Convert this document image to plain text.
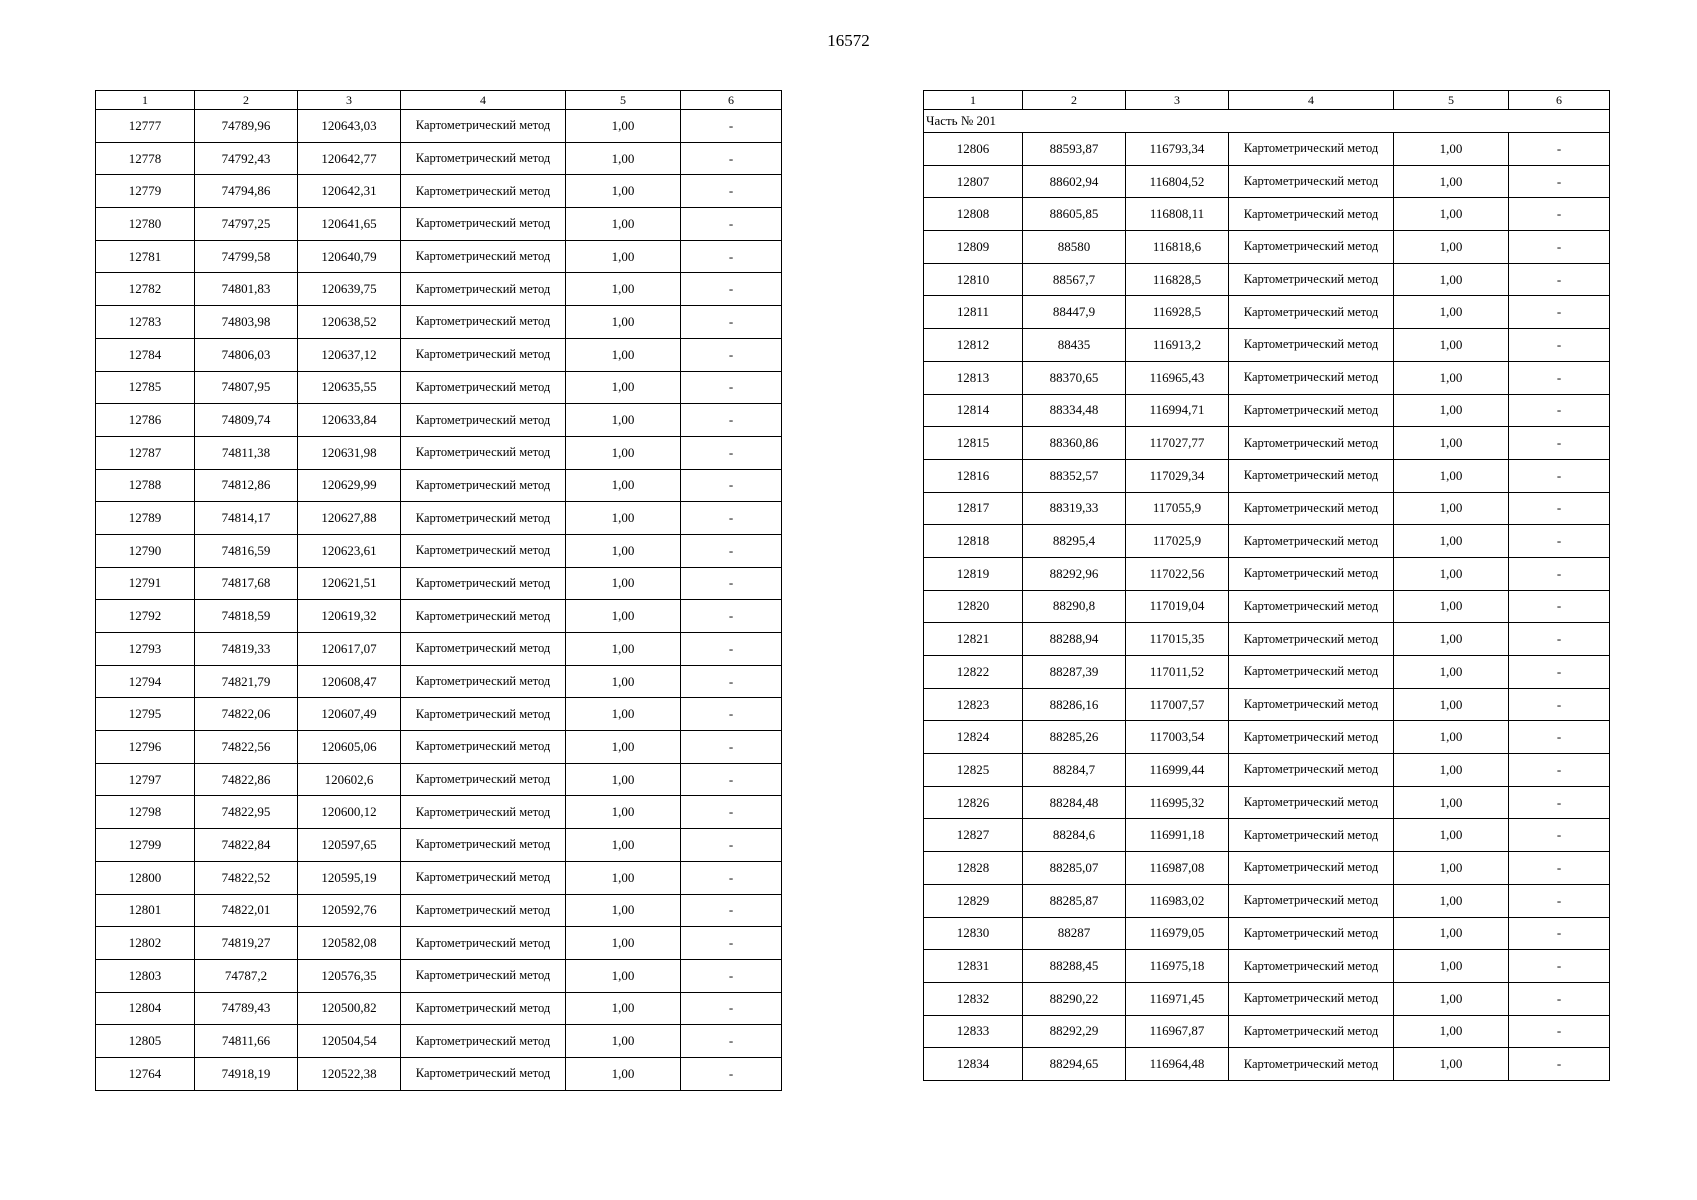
16572
1	2	3	4	5	6
12777	74789,96	120643,03	Картометрический метод	1,00	-
12778	74792,43	120642,77	Картометрический метод	1,00	-
12779	74794,86	120642,31	Картометрический метод	1,00	-
12780	74797,25	120641,65	Картометрический метод	1,00	-
12781	74799,58	120640,79	Картометрический метод	1,00	-
12782	74801,83	120639,75	Картометрический метод	1,00	-
12783	74803,98	120638,52	Картометрический метод	1,00	-
12784	74806,03	120637,12	Картометрический метод	1,00	-
12785	74807,95	120635,55	Картометрический метод	1,00	-
12786	74809,74	120633,84	Картометрический метод	1,00	-
12787	74811,38	120631,98	Картометрический метод	1,00	-
12788	74812,86	120629,99	Картометрический метод	1,00	-
12789	74814,17	120627,88	Картометрический метод	1,00	-
12790	74816,59	120623,61	Картометрический метод	1,00	-
12791	74817,68	120621,51	Картометрический метод	1,00	-
12792	74818,59	120619,32	Картометрический метод	1,00	-
12793	74819,33	120617,07	Картометрический метод	1,00	-
12794	74821,79	120608,47	Картометрический метод	1,00	-
12795	74822,06	120607,49	Картометрический метод	1,00	-
12796	74822,56	120605,06	Картометрический метод	1,00	-
12797	74822,86	120602,6	Картометрический метод	1,00	-
12798	74822,95	120600,12	Картометрический метод	1,00	-
12799	74822,84	120597,65	Картометрический метод	1,00	-
12800	74822,52	120595,19	Картометрический метод	1,00	-
12801	74822,01	120592,76	Картометрический метод	1,00	-
12802	74819,27	120582,08	Картометрический метод	1,00	-
12803	74787,2	120576,35	Картометрический метод	1,00	-
12804	74789,43	120500,82	Картометрический метод	1,00	-
12805	74811,66	120504,54	Картометрический метод	1,00	-
12764	74918,19	120522,38	Картометрический метод	1,00	-
1	2	3	4	5	6
Часть № 201					
12806	88593,87	116793,34	Картометрический метод	1,00	-
12807	88602,94	116804,52	Картометрический метод	1,00	-
12808	88605,85	116808,11	Картометрический метод	1,00	-
12809	88580	116818,6	Картометрический метод	1,00	-
12810	88567,7	116828,5	Картометрический метод	1,00	-
12811	88447,9	116928,5	Картометрический метод	1,00	-
12812	88435	116913,2	Картометрический метод	1,00	-
12813	88370,65	116965,43	Картометрический метод	1,00	-
12814	88334,48	116994,71	Картометрический метод	1,00	-
12815	88360,86	117027,77	Картометрический метод	1,00	-
12816	88352,57	117029,34	Картометрический метод	1,00	-
12817	88319,33	117055,9	Картометрический метод	1,00	-
12818	88295,4	117025,9	Картометрический метод	1,00	-
12819	88292,96	117022,56	Картометрический метод	1,00	-
12820	88290,8	117019,04	Картометрический метод	1,00	-
12821	88288,94	117015,35	Картометрический метод	1,00	-
12822	88287,39	117011,52	Картометрический метод	1,00	-
12823	88286,16	117007,57	Картометрический метод	1,00	-
12824	88285,26	117003,54	Картометрический метод	1,00	-
12825	88284,7	116999,44	Картометрический метод	1,00	-
12826	88284,48	116995,32	Картометрический метод	1,00	-
12827	88284,6	116991,18	Картометрический метод	1,00	-
12828	88285,07	116987,08	Картометрический метод	1,00	-
12829	88285,87	116983,02	Картометрический метод	1,00	-
12830	88287	116979,05	Картометрический метод	1,00	-
12831	88288,45	116975,18	Картометрический метод	1,00	-
12832	88290,22	116971,45	Картометрический метод	1,00	-
12833	88292,29	116967,87	Картометрический метод	1,00	-
12834	88294,65	116964,48	Картометрический метод	1,00	-
